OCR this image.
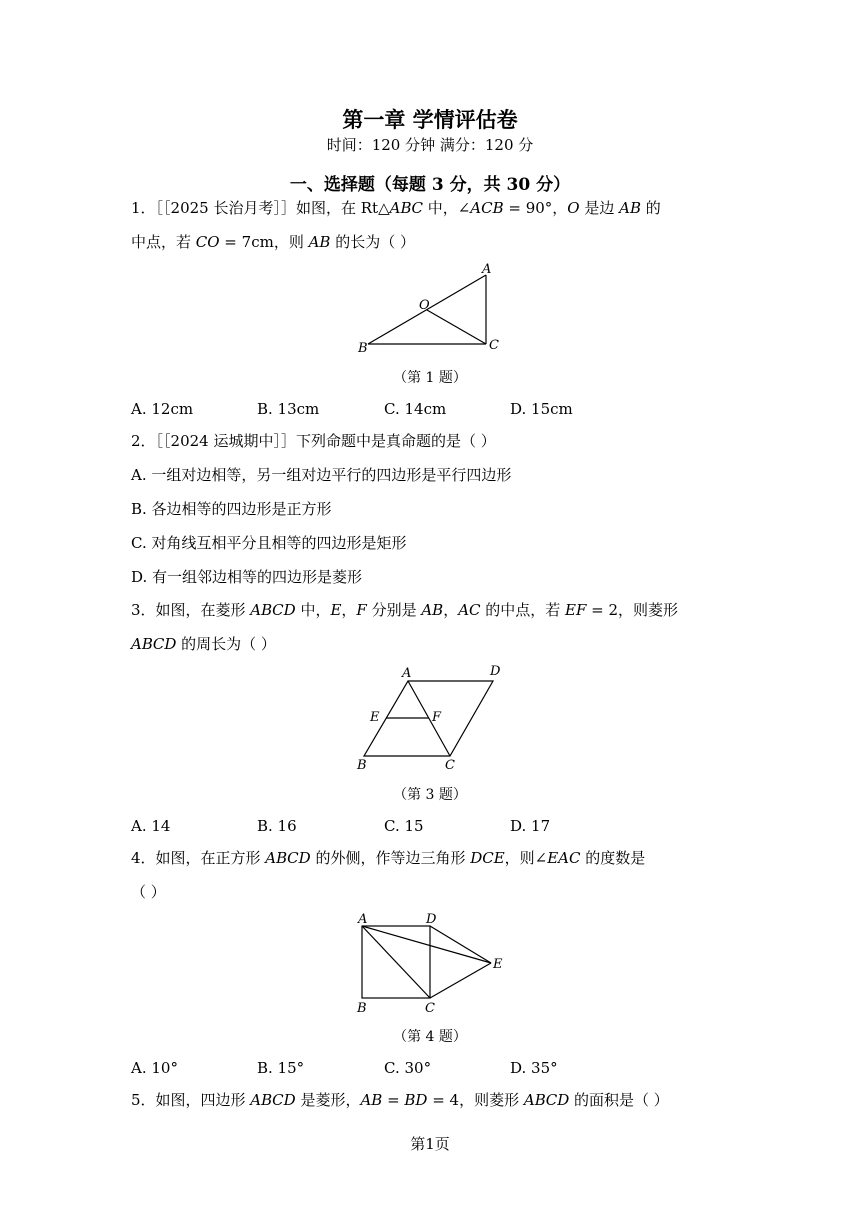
第一章 学情评估卷
时间：120 分钟 满分：120 分
一、选择题（每题 3 分，共 30 分）
1．［［2025 长治月考］］如图，在 Rt△𝐴𝐵𝐶 中，∠𝐴𝐶𝐵 = 90°，𝑂 是边 𝐴𝐵 的
中点，若 𝐶𝑂 = 7cm，则 𝐴𝐵 的长为（ ）
A
O
B	C
（第 1 题）
A. 12cm	B. 13cm	C. 14cm	D. 15cm
2．［［2024 运城期中］］下列命题中是真命题的是（ ）
A. 一组对边相等，另一组对边平行的四边形是平行四边形
B. 各边相等的四边形是正方形
C. 对角线互相平分且相等的四边形是矩形
D. 有一组邻边相等的四边形是菱形
3．如图，在菱形 𝐴𝐵𝐶𝐷 中，𝐸，𝐹 分别是 𝐴𝐵，𝐴𝐶 的中点，若 𝐸𝐹 = 2，则菱形
𝐴𝐵𝐶𝐷 的周长为（ ）
A	D
E	F
B	C
（第 3 题）
A. 14	B. 16	C. 15	D. 17
4．如图，在正方形 𝐴𝐵𝐶𝐷 的外侧，作等边三角形 𝐷𝐶𝐸，则∠𝐸𝐴𝐶 的度数是
（ ）
A	D
E
B	C
（第 4 题）
A. 10°	B. 15°	C. 30°	D. 35°
5．如图，四边形 𝐴𝐵𝐶𝐷 是菱形，𝐴𝐵 = 𝐵𝐷 = 4，则菱形 𝐴𝐵𝐶𝐷 的面积是（ ）
第1页
